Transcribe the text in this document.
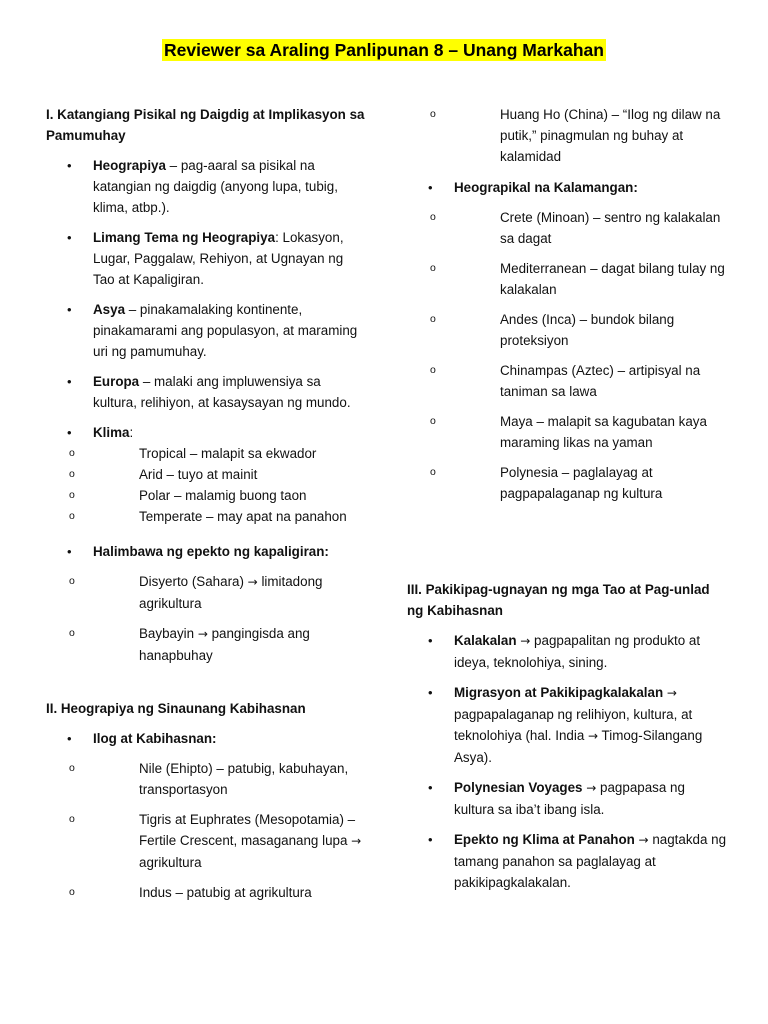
Reviewer sa Araling Panlipunan 8 – Unang Markahan

I. Katangiang Pisikal ng Daigdig at Implikasyon sa Pamumuhay

• Heograpiya – pag-aaral sa pisikal na katangian ng daigdig (anyong lupa, tubig, klima, atbp.).
• Limang Tema ng Heograpiya: Lokasyon, Lugar, Paggalaw, Rehiyon, at Ugnayan ng Tao at Kapaligiran.
• Asya – pinakamalaking kontinente, pinakamarami ang populasyon, at maraming uri ng pamumuhay.
• Europa – malaki ang impluwensiya sa kultura, relihiyon, at kasaysayan ng mundo.
• Klima:
o Tropical – malapit sa ekwador
o Arid – tuyo at mainit
o Polar – malamig buong taon
o Temperate – may apat na panahon
• Halimbawa ng epekto ng kapaligiran:
o Disyerto (Sahara) → limitadong agrikultura
o Baybayin → pangingisda ang hanapbuhay

II. Heograpiya ng Sinaunang Kabihasnan

• Ilog at Kabihasnan:
o Nile (Ehipto) – patubig, kabuhayan, transportasyon
o Tigris at Euphrates (Mesopotamia) – Fertile Crescent, masaganang lupa → agrikultura
o Indus – patubig at agrikultura
o Huang Ho (China) – “Ilog ng dilaw na putik,” pinagmulan ng buhay at kalamidad
• Heograpikal na Kalamangan:
o Crete (Minoan) – sentro ng kalakalan sa dagat
o Mediterranean – dagat bilang tulay ng kalakalan
o Andes (Inca) – bundok bilang proteksiyon
o Chinampas (Aztec) – artipisyal na taniman sa lawa
o Maya – malapit sa kagubatan kaya maraming likas na yaman
o Polynesia – paglalayag at pagpapalaganap ng kultura

III. Pakikipag-ugnayan ng mga Tao at Pag-unlad ng Kabihasnan

• Kalakalan → pagpapalitan ng produkto at ideya, teknolohiya, sining.
• Migrasyon at Pakikipagkalakalan → pagpapalaganap ng relihiyon, kultura, at teknolohiya (hal. India → Timog-Silangang Asya).
• Polynesian Voyages → pagpapasa ng kultura sa iba’t ibang isla.
• Epekto ng Klima at Panahon → nagtakda ng tamang panahon sa paglalayag at pakikipagkalakalan.
